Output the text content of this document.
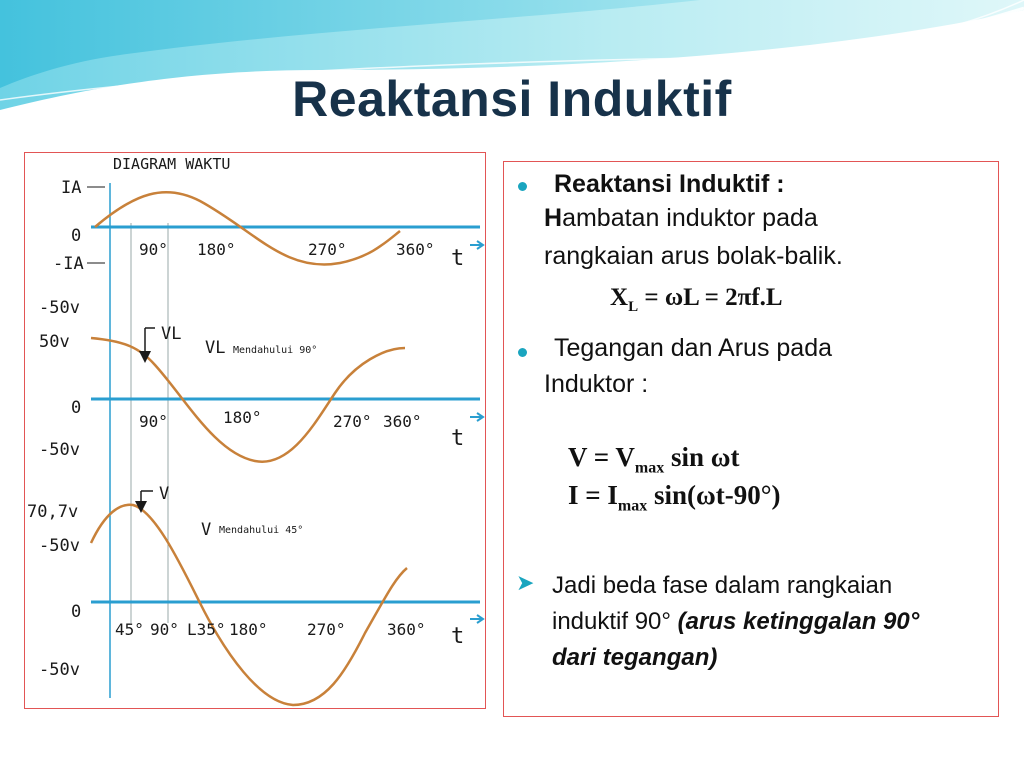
Reaktansi Induktif
DIAGRAM WAKTU
IA
0
-IA
90° 180°	270°	360° t
-50v
50v
0
-50v
VL
VL Mendahului 90°
90°	180°	270° 360°
t
70,7v
-50v
0
-50v
V
V Mendahului 45°
45° 90° L35° 180° 270°	360° t
Reaktansi Induktif :
Hambatan induktor pada
rangkaian arus bolak-balik.
$X_L = \omega L = 2\pi f.L$
Tegangan dan Arus pada
Induktor :
$V = V_{max}$ sin ωt
$I = I_{max}$ sin(ωt-90°)
➤ Jadi beda fase dalam rangkaian
induktif 90° (arus ketinggalan 90°
dari tegangan)
